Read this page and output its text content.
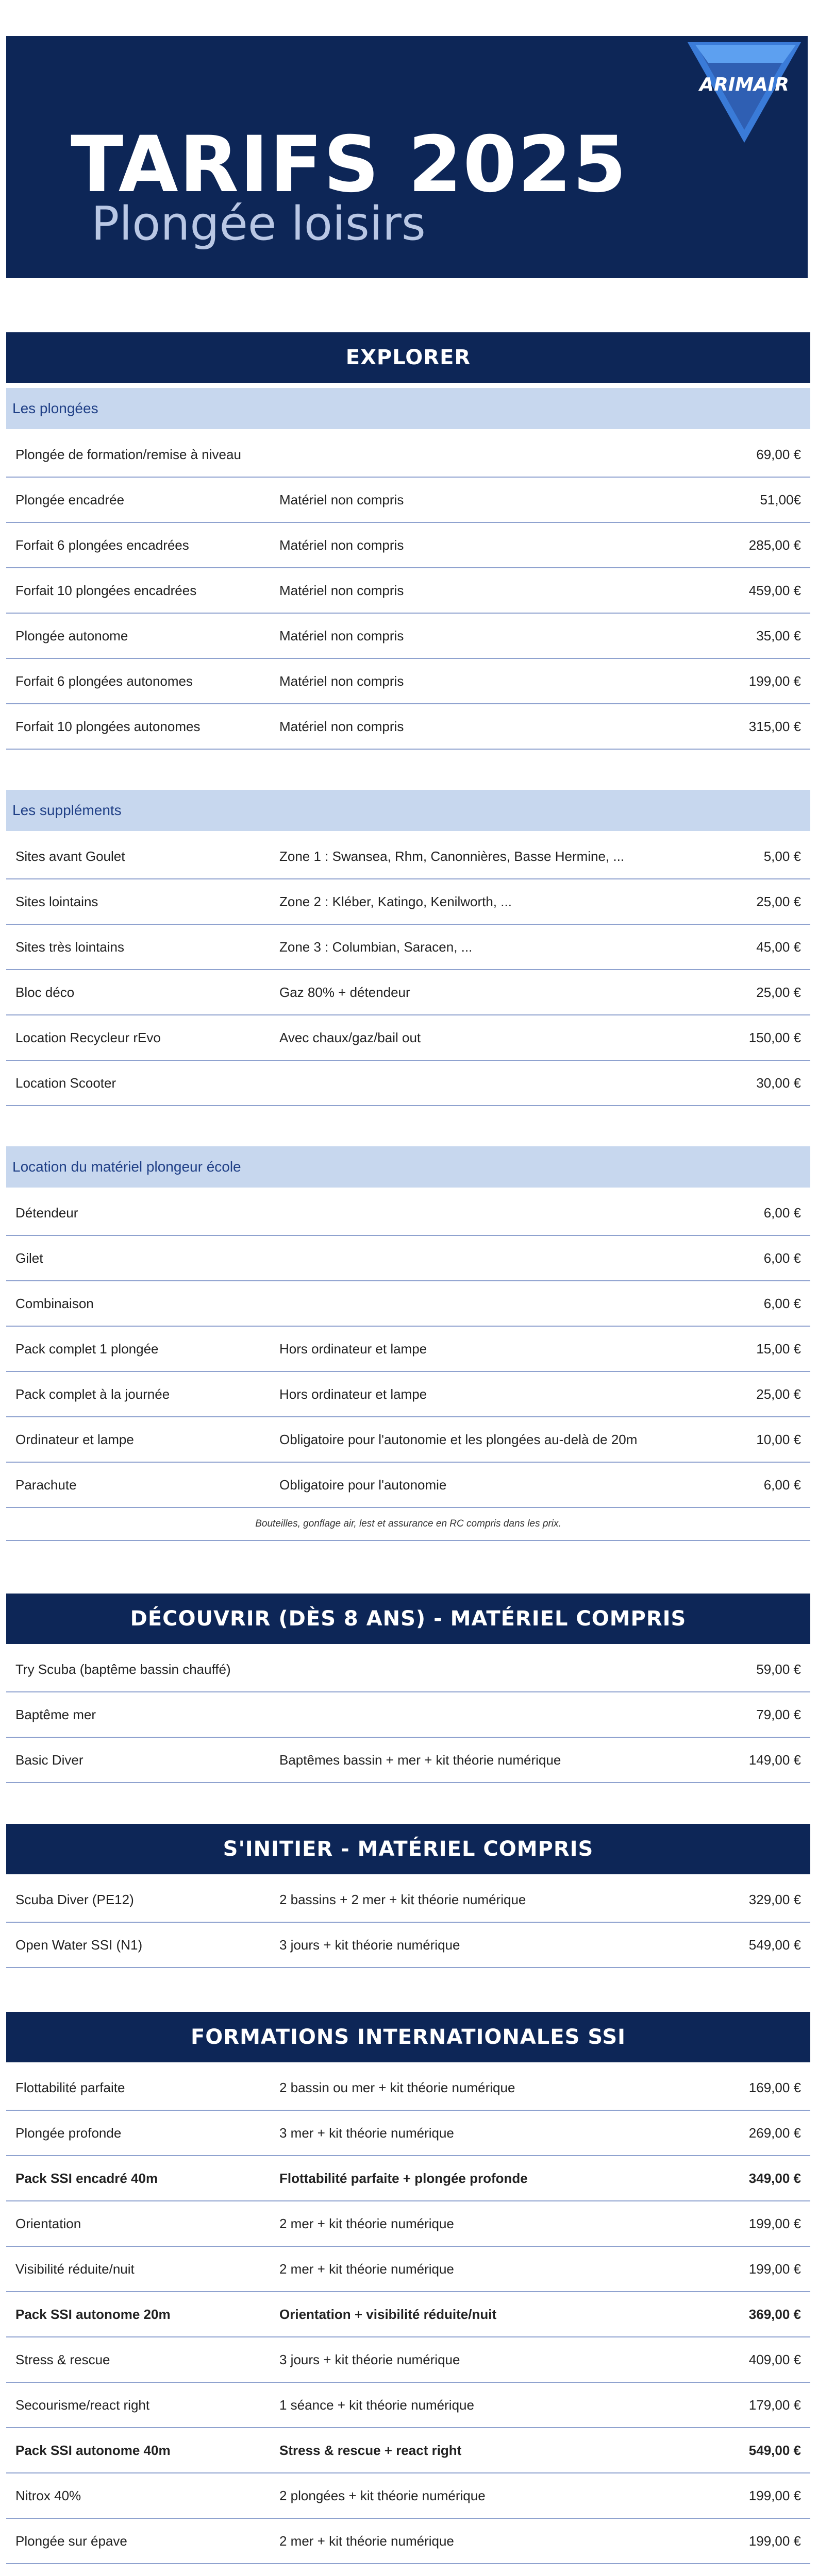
ARIMAIR
TARIFS 2025
Plongée loisirs
EXPLORER
Les plongées
Plongée de formation/remise à niveau	69,00 €
Plongée encadrée	Matériel non compris	51,00€
Forfait 6 plongées encadrées	Matériel non compris	285,00 €
Forfait 10 plongées encadrées	Matériel non compris	459,00 €
Plongée autonome	Matériel non compris	35,00 €
Forfait 6 plongées autonomes	Matériel non compris	199,00 €
Forfait 10 plongées autonomes	Matériel non compris	315,00 €
Les suppléments
Sites avant Goulet	Zone 1 : Swansea, Rhm, Canonnières, Basse Hermine, ...	5,00 €
Sites lointains	Zone 2 : Kléber, Katingo, Kenilworth, ...	25,00 €
Sites très lointains	Zone 3 : Columbian, Saracen, ...	45,00 €
Bloc déco	Gaz 80% + détendeur	25,00 €
Location Recycleur rEvo	Avec chaux/gaz/bail out	150,00 €
Location Scooter	30,00 €
Location du matériel plongeur école
Détendeur	6,00 €
Gilet	6,00 €
Combinaison	6,00 €
Pack complet 1 plongée	Hors ordinateur et lampe	15,00 €
Pack complet à la journée	Hors ordinateur et lampe	25,00 €
Ordinateur et lampe	Obligatoire pour l'autonomie et les plongées au-delà de 20m	10,00 €
Parachute	Obligatoire pour l'autonomie	6,00 €
Bouteilles, gonflage air, lest et assurance en RC compris dans les prix.
DÉCOUVRIR (DÈS 8 ANS) - MATÉRIEL COMPRIS
Try Scuba (baptême bassin chauffé)	59,00 €
Baptême mer	79,00 €
Basic Diver	Baptêmes bassin + mer + kit théorie numérique	149,00 €
S'INITIER - MATÉRIEL COMPRIS
Scuba Diver (PE12)	2 bassins + 2 mer + kit théorie numérique	329,00 €
Open Water SSI (N1)	3 jours + kit théorie numérique	549,00 €
FORMATIONS INTERNATIONALES SSI
Flottabilité parfaite	2 bassin ou mer + kit théorie numérique	169,00 €
Plongée profonde	3 mer + kit théorie numérique	269,00 €
Pack SSI encadré 40m	Flottabilité parfaite + plongée profonde	349,00 €
Orientation	2 mer + kit théorie numérique	199,00 €
Visibilité réduite/nuit	2 mer + kit théorie numérique	199,00 €
Pack SSI autonome 20m	Orientation + visibilité réduite/nuit	369,00 €
Stress & rescue	3 jours + kit théorie numérique	409,00 €
Secourisme/react right	1 séance + kit théorie numérique	179,00 €
Pack SSI autonome 40m	Stress & rescue + react right	549,00 €
Nitrox 40%	2 plongées + kit théorie numérique	199,00 €
Plongée sur épave	2 mer + kit théorie numérique	199,00 €
